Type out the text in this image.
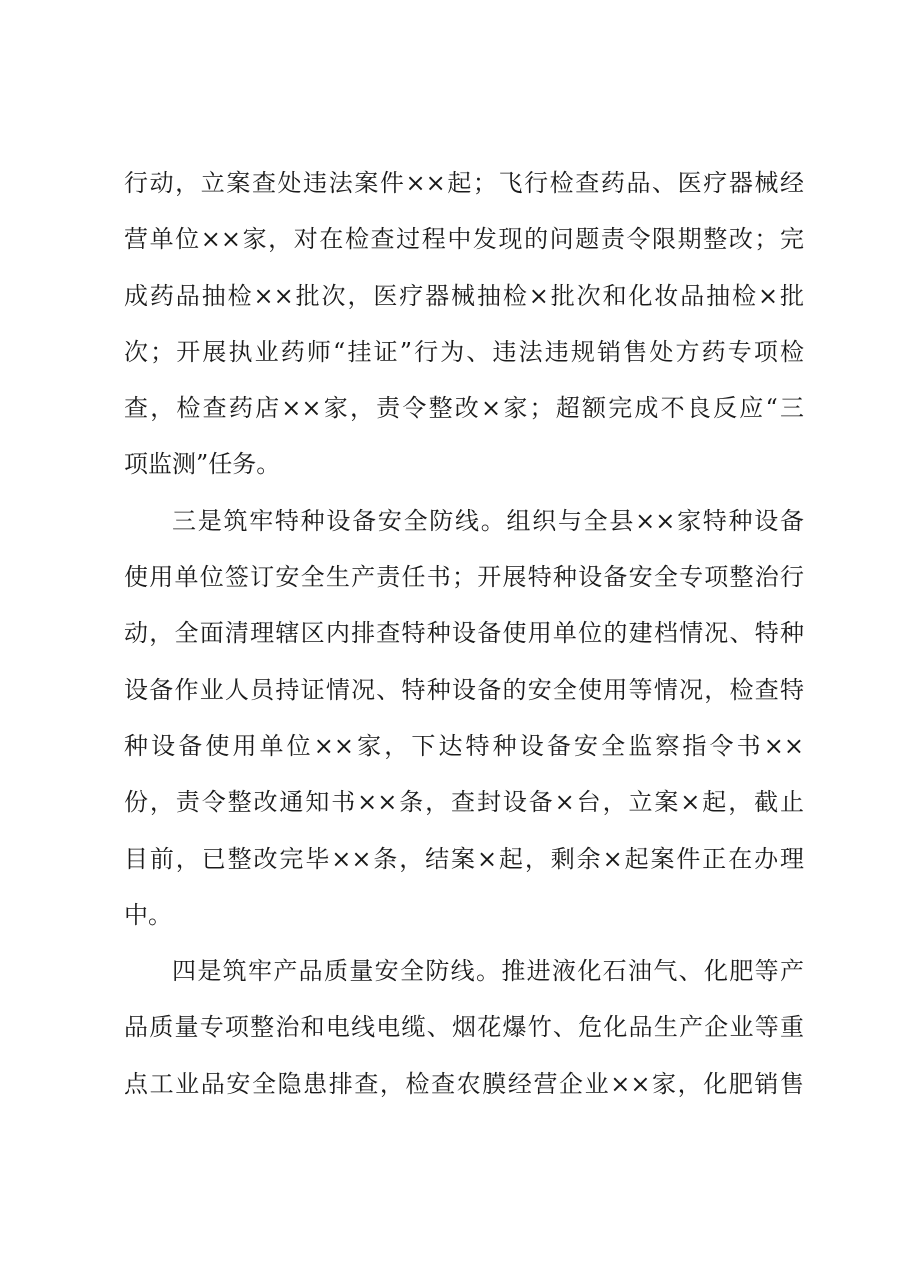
行动，立案查处违法案件××起；飞行检查药品、医疗器械经
营单位××家，对在检查过程中发现的问题责令限期整改；完
成药品抽检××批次，医疗器械抽检×批次和化妆品抽检×批
次；开展执业药师“挂证”行为、违法违规销售处方药专项检
查，检查药店××家，责令整改×家；超额完成不良反应“三
项监测”任务。
三是筑牢特种设备安全防线。组织与全县××家特种设备
使用单位签订安全生产责任书；开展特种设备安全专项整治行
动，全面清理辖区内排查特种设备使用单位的建档情况、特种
设备作业人员持证情况、特种设备的安全使用等情况，检查特
种设备使用单位××家，下达特种设备安全监察指令书××
份，责令整改通知书××条，查封设备×台，立案×起，截止
目前，已整改完毕××条，结案×起，剩余×起案件正在办理
中。
四是筑牢产品质量安全防线。推进液化石油气、化肥等产
品质量专项整治和电线电缆、烟花爆竹、危化品生产企业等重
点工业品安全隐患排查，检查农膜经营企业××家，化肥销售
